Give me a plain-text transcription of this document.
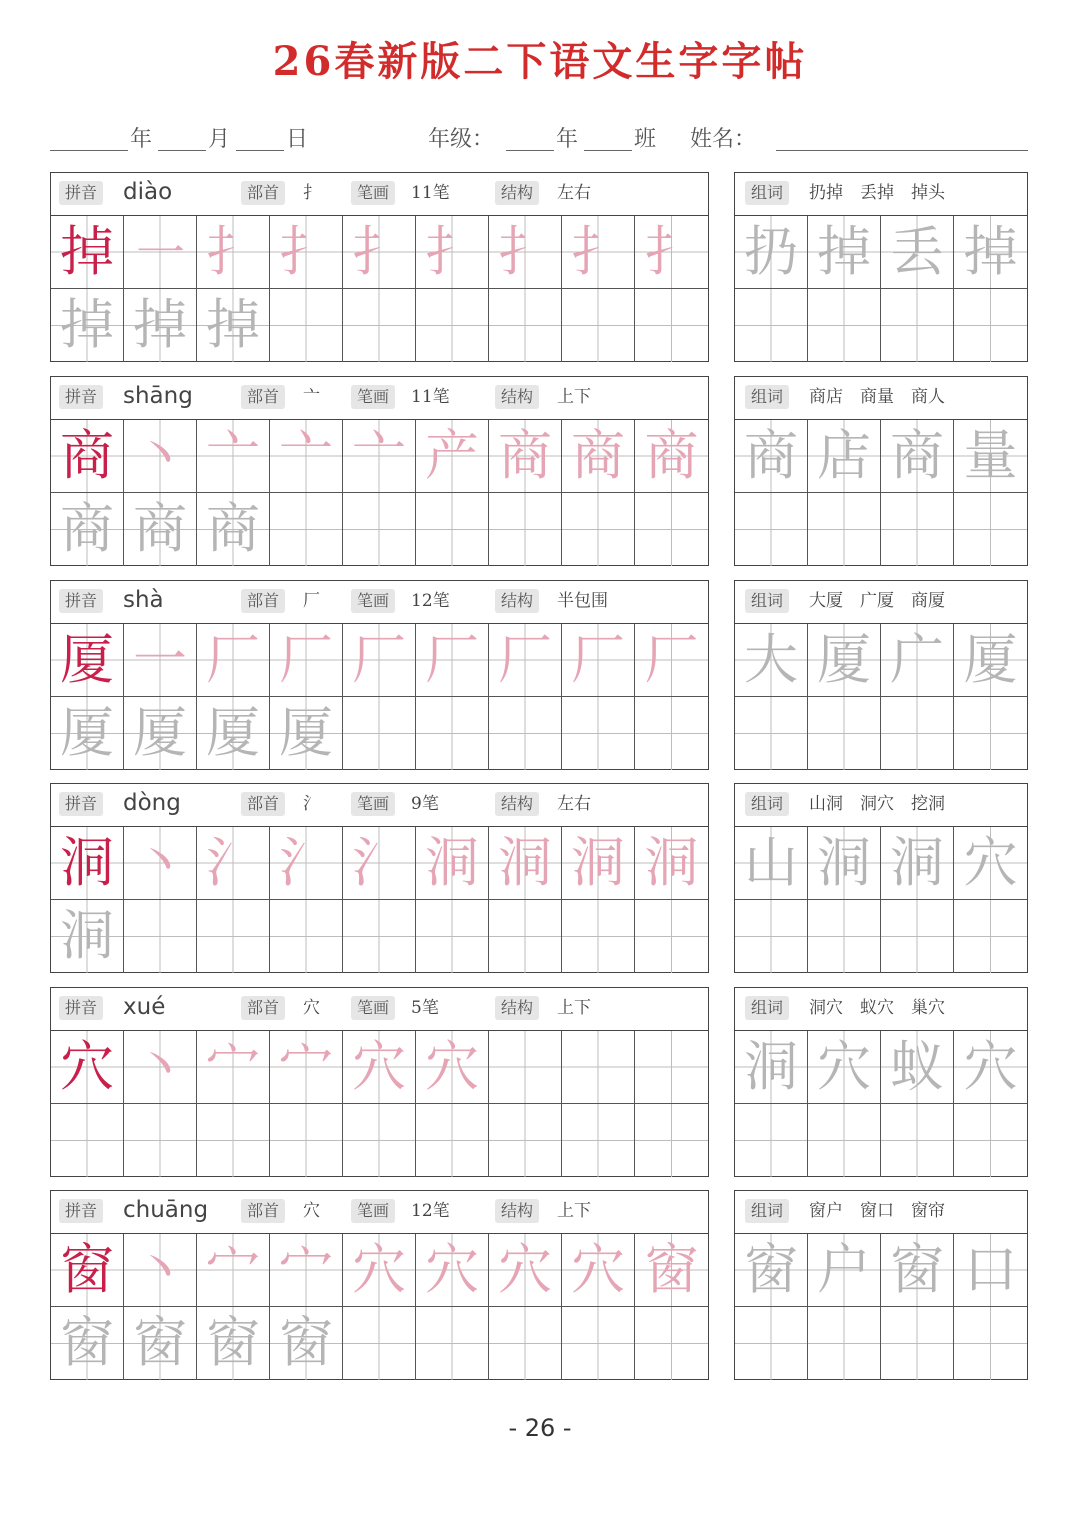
26春新版二下语文生字字帖
年	月	日	年级：	年	班 姓名：
拼音 diào	部首	扌	笔画	11笔	结构	左右
掉 ㇐ 扌 扌 扌 扌 扌 扌 扌
掉 掉 掉
组词	扔掉　丢掉　掉头
扔 掉 丢 掉
拼音 shāng	部首	亠	笔画	11笔	结构	上下
商 丶 亠 亠 亠 产 商 商 商
商 商 商
组词	商店　商量　商人
商 店 商 量
拼音 shà	部首	厂	笔画	12笔	结构	半包围
厦 一 厂 厂 厂 厂 厂 厂 厂
厦 厦 厦 厦
组词	大厦　广厦　商厦
大 厦 广 厦
拼音 dòng	部首	氵	笔画	9笔	结构	左右
洞 丶 氵 氵 氵 洞 洞 洞 洞
洞
组词	山洞　洞穴　挖洞
山 洞 洞 穴
拼音 xué	部首	穴	笔画	5笔	结构	上下
穴 丶 宀 宀 穴 穴
组词	洞穴　蚁穴　巢穴
洞 穴 蚁 穴
拼音 chuāng	部首	穴	笔画	12笔	结构	上下
窗 丶 宀 宀 穴 穴 穴 穴 窗
窗 窗 窗 窗
组词	窗户　窗口　窗帘
窗 户 窗 口
- 26 -
